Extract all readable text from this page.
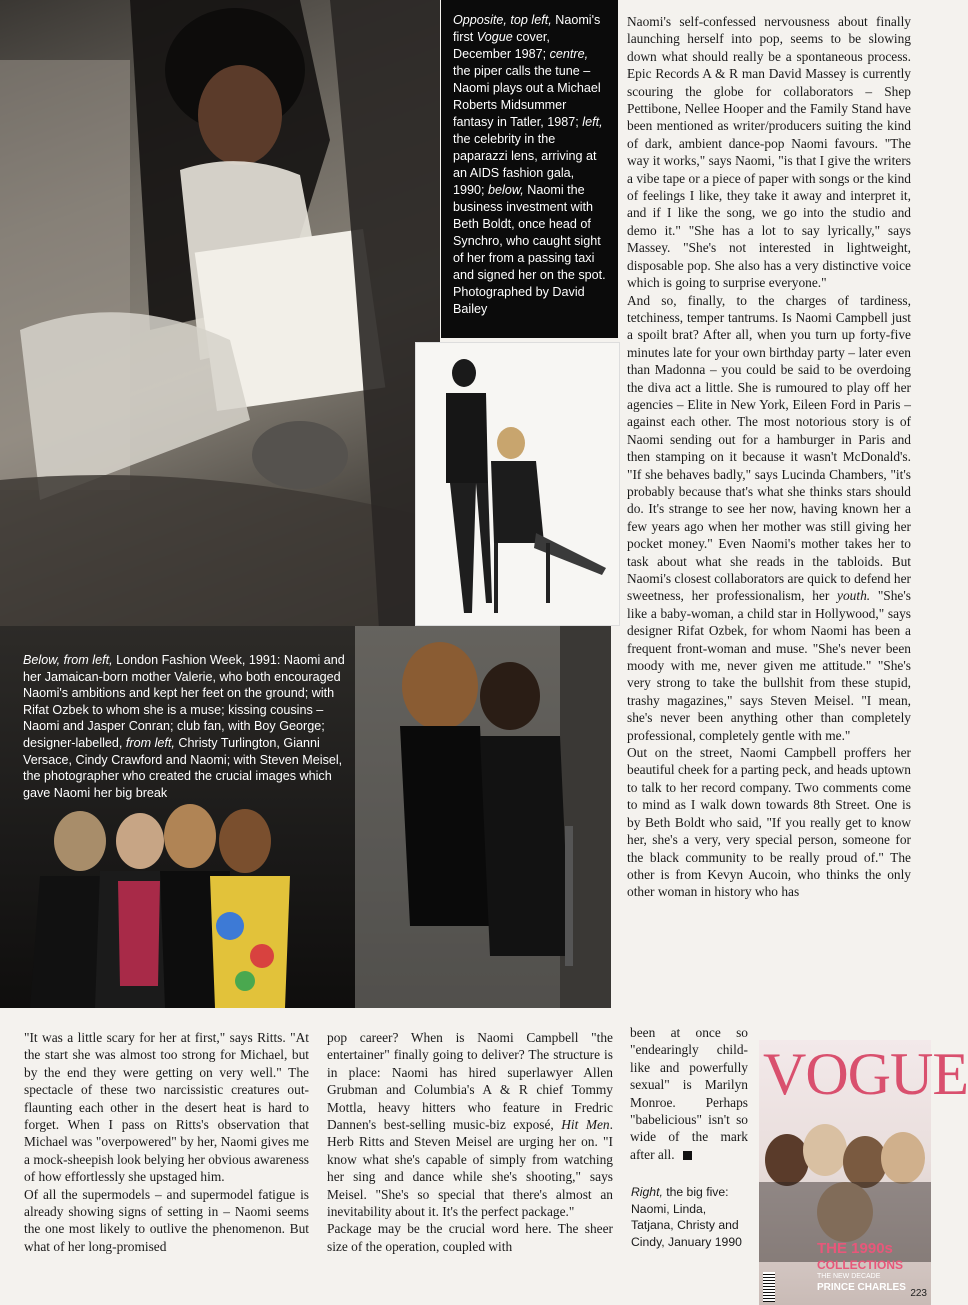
VOGUE
THE 1990s
COLLECTIONS
THE NEW DECADE
PRINCE CHARLES
223
Opposite, top left, Naomi's first Vogue cover, December 1987; centre, the piper calls the tune – Naomi plays out a Michael Roberts Midsummer fantasy in Tatler, 1987; left, the celebrity in the paparazzi lens, arriving at an AIDS fashion gala, 1990; below, Naomi the business investment with Beth Boldt, once head of Synchro, who caught sight of her from a passing taxi and signed her on the spot. Photographed by David Bailey
Below, from left, London Fashion Week, 1991: Naomi and her Jamaican-born mother Valerie, who both encouraged Naomi's ambitions and kept her feet on the ground; with Rifat Ozbek to whom she is a muse; kissing cousins – Naomi and Jasper Conran; club fan, with Boy George; designer-labelled, from left, Christy Turlington, Gianni Versace, Cindy Crawford and Naomi; with Steven Meisel, the photographer who created the crucial images which gave Naomi her big break
Right, the big five: Naomi, Linda, Tatjana, Christy and Cindy, January 1990

Naomi's self-confessed nervousness about finally launching herself into pop, seems to be slowing down what should really be a spontaneous process. Epic Records A & R man David Massey is currently scouring the globe for collaborators – Shep Pettibone, Nellee Hooper and the Family Stand have been mentioned as writer/producers suiting the kind of dark, ambient dance-pop Naomi favours. "The way it works," says Naomi, "is that I give the writers a vibe tape or a piece of paper with songs or the kind of feelings I like, they take it away and interpret it, and if I like the song, we go into the studio and demo it." "She has a lot to say lyrically," says Massey. "She's not interested in lightweight, disposable pop. She also has a very distinctive voice which is going to surprise everyone."

And so, finally, to the charges of tardiness, tetchiness, temper tantrums. Is Naomi Campbell just a spoilt brat? After all, when you turn up forty-five minutes late for your own birthday party – later even than Madonna – you could be said to be overdoing the diva act a little. She is rumoured to play off her agencies – Elite in New York, Eileen Ford in Paris – against each other. The most notorious story is of Naomi sending out for a hamburger in Paris and then stamping on it because it wasn't McDonald's. "If she behaves badly," says Lucinda Chambers, "it's probably because that's what she thinks stars should do. It's strange to see her now, having known her a few years ago when her mother was still giving her pocket money." Even Naomi's mother takes her to task about what she reads in the tabloids. But Naomi's closest collaborators are quick to defend her sweetness, her professionalism, her youth. "She's like a baby-woman, a child star in Hollywood," says designer Rifat Ozbek, for whom Naomi has been a frequent front-woman and muse. "She's never been moody with me, never given me attitude." "She's very strong to take the bullshit from these stupid, trashy magazines," says Steven Meisel. "I mean, she's never been anything other than completely professional, completely gentle with me."

Out on the street, Naomi Campbell proffers her beautiful cheek for a parting peck, and heads uptown to talk to her record company. Two comments come to mind as I walk down towards 8th Street. One is by Beth Boldt who said, "If you really get to know her, she's a very, very special person, someone for the black community to be really proud of." The other is from Kevyn Aucoin, who thinks the only other woman in history who has

been at once so "endearingly child-like and powerfully sexual" is Marilyn Monroe. Perhaps "babelicious" isn't so wide of the mark after all.

"It was a little scary for her at first," says Ritts. "At the start she was almost too strong for Michael, but by the end they were getting on very well." The spectacle of these two narcissistic creatures out-flaunting each other in the desert heat is hard to forget. When I pass on Ritts's observation that Michael was "overpowered" by her, Naomi gives me a mock-sheepish look belying her obvious awareness of how effortlessly she upstaged him.

Of all the supermodels – and supermodel fatigue is already showing signs of setting in – Naomi seems the one most likely to outlive the phenomenon. But what of her long-promised

pop career? When is Naomi Campbell "the entertainer" finally going to deliver? The structure is in place: Naomi has hired superlawyer Allen Grubman and Columbia's A & R chief Tommy Mottla, heavy hitters who feature in Fredric Dannen's best-selling music-biz exposé, Hit Men. Herb Ritts and Steven Meisel are urging her on. "I know what she's capable of simply from watching her sing and dance while she's shooting," says Meisel. "She's so special that there's almost an inevitability about it. It's the perfect package."

Package may be the crucial word here. The sheer size of the operation, coupled with
